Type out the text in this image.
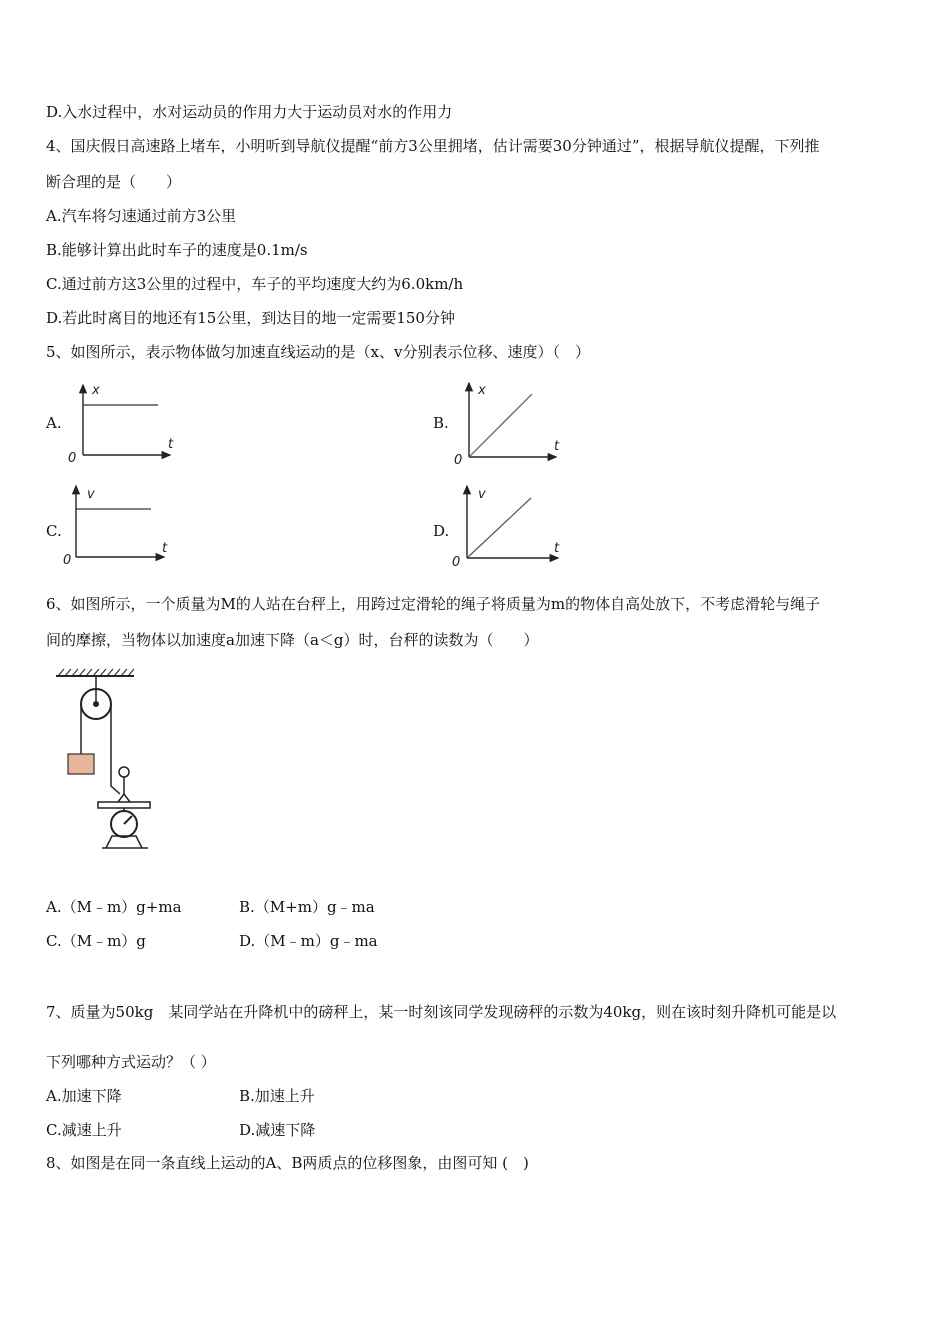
D.入水过程中，水对运动员的作用力大于运动员对水的作用力
4、国庆假日高速路上堵车，小明听到导航仪提醒“前方3公里拥堵，估计需要30分钟通过”，根据导航仪提醒，下列推
断合理的是（　　）
A.汽车将匀速通过前方3公里
B.能够计算出此时车子的速度是0.1m/s
C.通过前方这3公里的过程中，车子的平均速度大约为6.0km/h
D.若此时离目的地还有15公里，到达目的地一定需要150分钟
5、如图所示，表示物体做匀加速直线运动的是（x、v分别表示位移、速度）（　）
A.	B.
C.	D.
x
t
0
x
t
0
v
t
0
v
t
0
6、如图所示，一个质量为M的人站在台秤上，用跨过定滑轮的绳子将质量为m的物体自高处放下，不考虑滑轮与绳子
间的摩擦，当物体以加速度a加速下降（a＜g）时，台秤的读数为（　　）
A.（M﹣m）g+ma	B.（M+m）g﹣ma
C.（M﹣m）g	D.（M﹣m）g﹣ma
7、质量为50kg　某同学站在升降机中的磅秤上，某一时刻该同学发现磅秤的示数为40kg，则在该时刻升降机可能是以
下列哪种方式运动？（ ）
A.加速下降	B.加速上升
C.减速上升	D.减速下降
8、如图是在同一条直线上运动的A、B两质点的位移图象，由图可知 (　)
